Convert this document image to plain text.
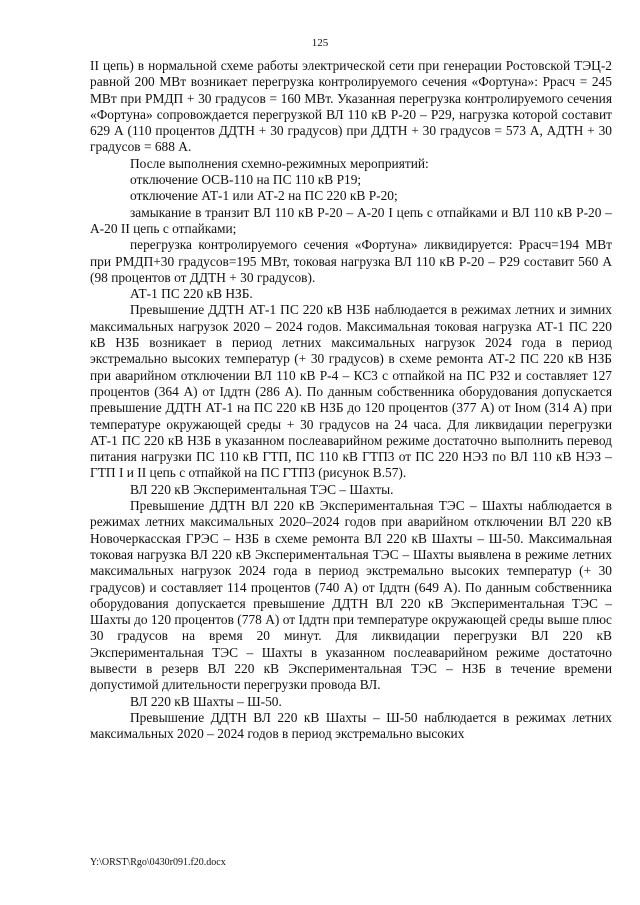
125

II цепь) в нормальной схеме работы электрической сети при генерации Ростовской ТЭЦ-2 равной 200 МВт возникает перегрузка контролируемого сечения «Фортуна»: Ррасч = 245 МВт при РМДП + 30 градусов = 160 МВт. Указанная перегрузка контролируемого сечения «Фортуна» сопровождается перегрузкой ВЛ 110 кВ Р-20 – Р29, нагрузка которой составит 629 А (110 процентов ДДТН + 30 градусов) при ДДТН + 30 градусов = 573 А, АДТН + 30 градусов = 688 А.

После выполнения схемно-режимных мероприятий:

отключение ОСВ-110 на ПС 110 кВ Р19;

отключение АТ-1 или АТ-2 на ПС 220 кВ Р-20;

замыкание в транзит ВЛ 110 кВ Р-20 – А-20 I цепь с отпайками и ВЛ 110 кВ Р-20 – А-20 II цепь с отпайками;

перегрузка контролируемого сечения «Фортуна» ликвидируется: Ррасч=194 МВт при РМДП+30 градусов=195 МВт, токовая нагрузка ВЛ 110 кВ Р-20 – Р29 составит 560 А (98 процентов от ДДТН + 30 градусов).

АТ-1 ПС 220 кВ НЗБ.

Превышение ДДТН АТ-1 ПС 220 кВ НЗБ наблюдается в режимах летних и зимних максимальных нагрузок 2020 – 2024 годов. Максимальная токовая нагрузка АТ-1 ПС 220 кВ НЗБ возникает в период летних максимальных нагрузок 2024 года в период экстремально высоких температур (+ 30 градусов) в схеме ремонта АТ-2 ПС 220 кВ НЗБ при аварийном отключении ВЛ 110 кВ Р-4 – КС3 с отпайкой на ПС Р32 и составляет 127 процентов (364 А) от Iддтн (286 А). По данным собственника оборудования допускается превышение ДДТН АТ-1 на ПС 220 кВ НЗБ до 120 процентов (377 А) от Iном (314 А) при температуре окружающей среды + 30 градусов на 24 часа. Для ликвидации перегрузки АТ-1 ПС 220 кВ НЗБ в указанном послеаварийном режиме достаточно выполнить перевод питания нагрузки ПС 110 кВ ГТП, ПС 110 кВ ГТП3 от ПС 220 НЭЗ по ВЛ 110 кВ НЭЗ – ГТП I и II цепь с отпайкой на ПС ГТП3 (рисунок В.57).

ВЛ 220 кВ Экспериментальная ТЭС – Шахты.

Превышение ДДТН ВЛ 220 кВ Экспериментальная ТЭС – Шахты наблюдается в режимах летних максимальных 2020–2024 годов при аварийном отключении ВЛ 220 кВ Новочеркасская ГРЭС – НЗБ в схеме ремонта ВЛ 220 кВ Шахты – Ш-50. Максимальная токовая нагрузка ВЛ 220 кВ Экспериментальная ТЭС – Шахты выявлена в режиме летних максимальных нагрузок 2024 года в период экстремально высоких температур (+ 30 градусов) и составляет 114 процентов (740 А) от Iддтн (649 А). По данным собственника оборудования допускается превышение ДДТН ВЛ 220 кВ Экспериментальная ТЭС – Шахты до 120 процентов (778 А) от Iддтн при температуре окружающей среды выше плюс 30 градусов на время 20 минут. Для ликвидации перегрузки ВЛ 220 кВ Экспериментальная ТЭС – Шахты в указанном послеаварийном режиме достаточно вывести в резерв ВЛ 220 кВ Экспериментальная ТЭС – НЗБ в течение времени допустимой длительности перегрузки провода ВЛ.

ВЛ 220 кВ Шахты – Ш-50.

Превышение ДДТН ВЛ 220 кВ Шахты – Ш-50 наблюдается в режимах летних максимальных 2020 – 2024 годов в период экстремально высоких

Y:\ORST\Rgo\0430r091.f20.docx
